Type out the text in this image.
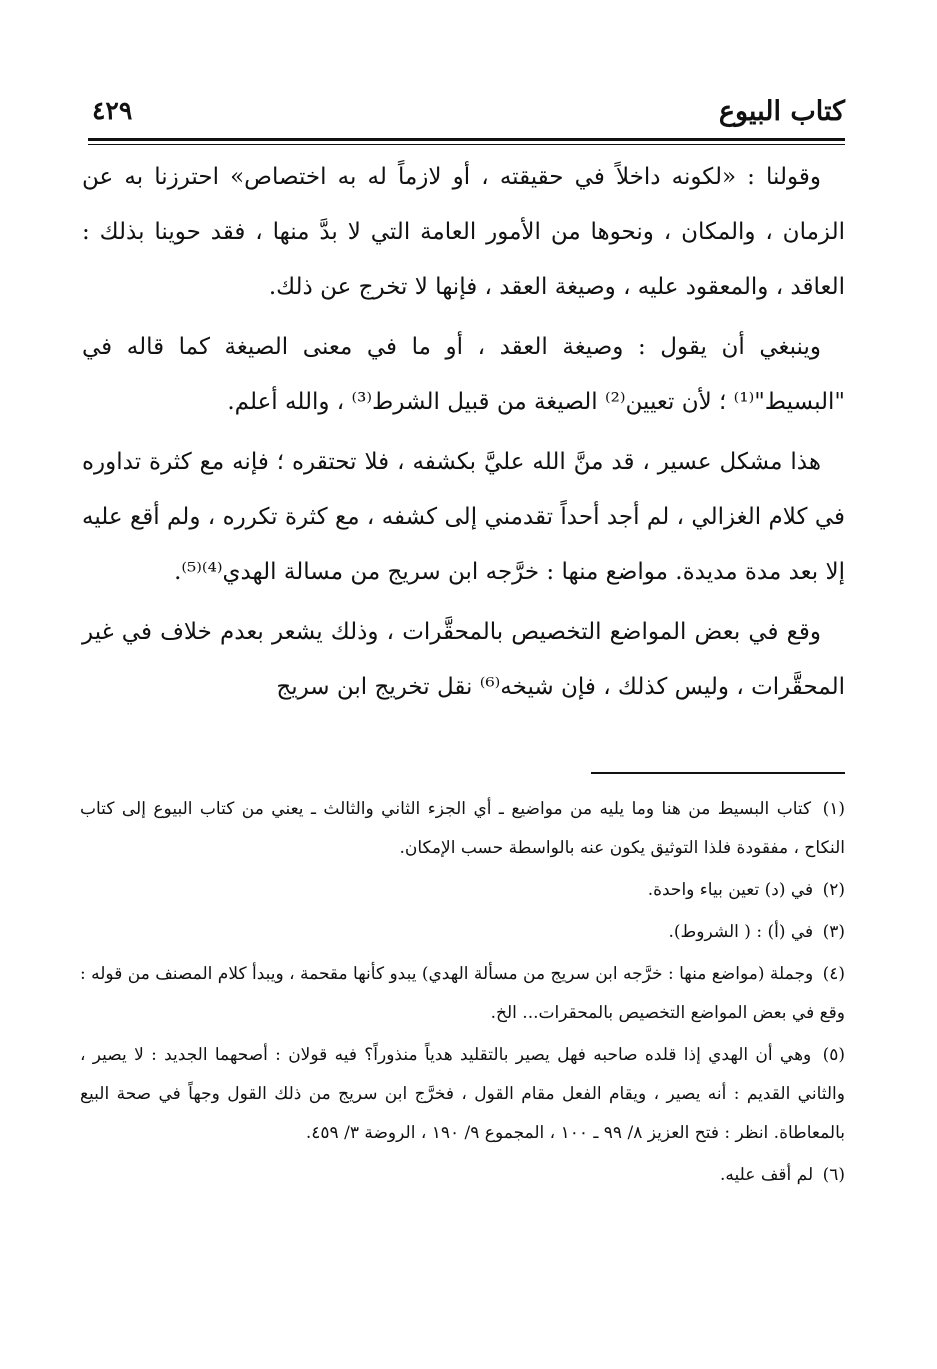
كتاب البيوع
٤٢٩

وقولنا : «لكونه داخلاً في حقيقته ، أو لازماً له به اختصاص» احترزنا به عن الزمان ، والمكان ، ونحوها من الأمور العامة التي لا بدَّ منها ، فقد حوينا بذلك : العاقد ، والمعقود عليه ، وصيغة العقد ، فإنها لا تخرج عن ذلك.

وينبغي أن يقول : وصيغة العقد ، أو ما في معنى الصيغة كما قاله في "البسيط"⁽¹⁾ ؛ لأن تعيين⁽²⁾ الصيغة من قبيل الشرط⁽³⁾ ، والله أعلم.

هذا مشكل عسير ، قد منَّ الله عليَّ بكشفه ، فلا تحتقره ؛ فإنه مع كثرة تداوره في كلام الغزالي ، لم أجد أحداً تقدمني إلى كشفه ، مع كثرة تكرره ، ولم أقع عليه إلا بعد مدة مديدة. مواضع منها : خرَّجه ابن سريج من مسالة الهدي⁽⁴⁾⁽⁵⁾.

وقع في بعض المواضع التخصيص بالمحقَّرات ، وذلك يشعر بعدم خلاف في غير المحقَّرات ، وليس كذلك ، فإن شيخه⁽⁶⁾ نقل تخريج ابن سريج

(١) كتاب البسيط من هنا وما يليه من مواضيع ـ أي الجزء الثاني والثالث ـ يعني من كتاب البيوع إلى كتاب النكاح ، مفقودة فلذا التوثيق يكون عنه بالواسطة حسب الإمكان.
(٢) في (د) تعين بياء واحدة.
(٣) في (أ) : ( الشروط).
(٤) وجملة (مواضع منها : خرَّجه ابن سريج من مسألة الهدي) يبدو كأنها مقحمة ، ويبدأ كلام المصنف من قوله : وقع في بعض المواضع التخصيص بالمحقرات... الخ.
(٥) وهي أن الهدي إذا قلده صاحبه فهل يصير بالتقليد هدياً منذوراً؟ فيه قولان : أصحهما الجديد : لا يصير ، والثاني القديم : أنه يصير ، ويقام الفعل مقام القول ، فخرَّج ابن سريج من ذلك القول وجهاً في صحة البيع بالمعاطاة. انظر : فتح العزيز ٨/ ٩٩ ـ ١٠٠ ، المجموع ٩/ ١٩٠ ، الروضة ٣/ ٤٥٩.
(٦) لم أقف عليه.
